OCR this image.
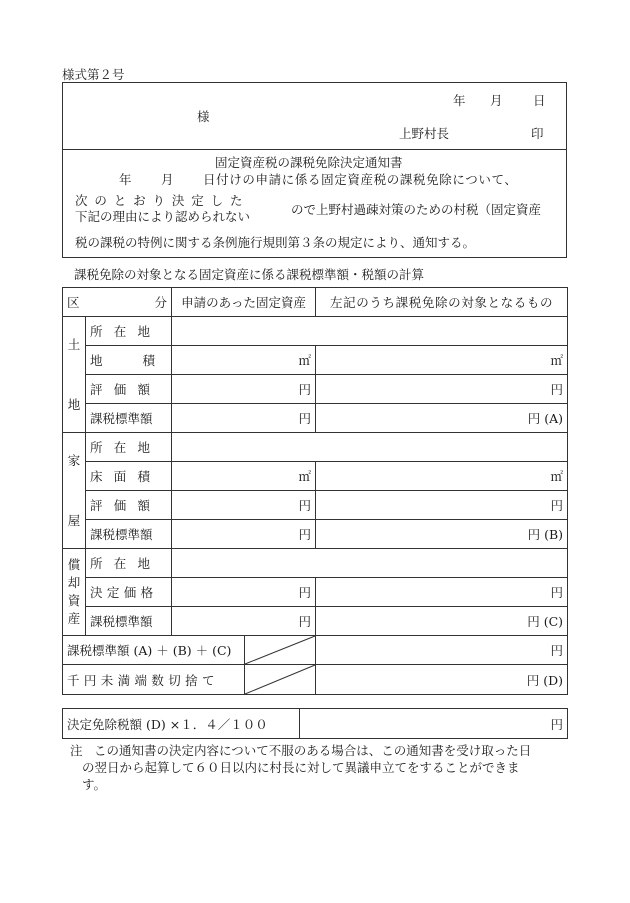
様式第２号
年 月 日
様
上野村長	印
固定資産税の課税免除決定通知書
年 月 日付けの申請に係る固定資産税の課税免除について、
次のとおり決定した
下記の理由により認められない	ので上野村過疎対策のための村税（固定資産
税の課税の特例に関する条例施行規則第３条の規定により、通知する。
課税免除の対象となる固定資産に係る課税標準額・税額の計算
区 分		申請のあった固定資産		左記のうち課税免除の対象となるもの

土

地	所在地			
	地積	㎡		㎡
	評価額	円		円
	課税標準額	円		円 (A)

家

屋	所在地			
	床面積	㎡		㎡
	評価額	円		円
	課税標準額	円		円 (B)

償
却
資
産	所在地			
	決定価格	円		円
	課税標準額	円		円 (C)
課税標準額 (A) ＋ (B) ＋ (C)				円
千円未満端数切捨て				円 (D)
決定免除税額 (D) ×１．４／１００	円
注 この通知書の決定内容について不服のある場合は、この通知書を受け取った日
の翌日から起算して６０日以内に村長に対して異議申立てをすることができま
す。
